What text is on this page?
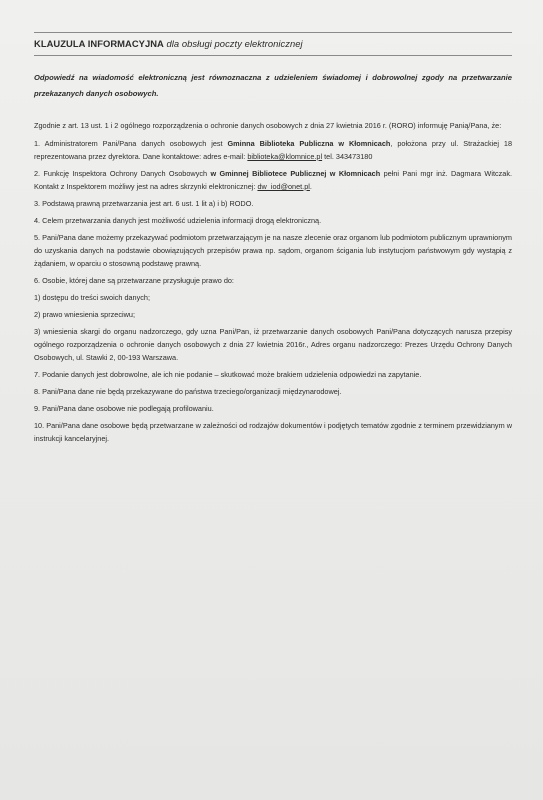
KLAUZULA INFORMACYJNA dla obsługi poczty elektronicznej

Odpowiedź na wiadomość elektroniczną jest równoznaczna z udzieleniem świadomej i dobrowolnej zgody na przetwarzanie przekazanych danych osobowych.

Zgodnie z art. 13 ust. 1 i 2 ogólnego rozporządzenia o ochronie danych osobowych z dnia 27 kwietnia 2016 r. (RORO) informuję Panią/Pana, że:

1. Administratorem Pani/Pana danych osobowych jest Gminna Biblioteka Publiczna w Kłomnicach, położona przy ul. Strażackiej 18 reprezentowana przez dyrektora. Dane kontaktowe: adres e-mail: biblioteka@klomnice.pl tel. 343473180

2. Funkcję Inspektora Ochrony Danych Osobowych w Gminnej Bibliotece Publicznej w Kłomnicach pełni Pani mgr inż. Dagmara Witczak. Kontakt z Inspektorem możliwy jest na adres skrzynki elektronicznej: dw_iod@onet.pl.

3. Podstawą prawną przetwarzania jest art. 6 ust. 1 lit a) i b) RODO.

4. Celem przetwarzania danych jest możliwość udzielenia informacji drogą elektroniczną.

5. Pani/Pana dane możemy przekazywać podmiotom przetwarzającym je na nasze zlecenie oraz organom lub podmiotom publicznym uprawnionym do uzyskania danych na podstawie obowiązujących przepisów prawa np. sądom, organom ścigania lub instytucjom państwowym gdy wystąpią z żądaniem, w oparciu o stosowną podstawę prawną.

6. Osobie, której dane są przetwarzane przysługuje prawo do:

1) dostępu do treści swoich danych;

2) prawo wniesienia sprzeciwu;

3) wniesienia skargi do organu nadzorczego, gdy uzna Pani/Pan, iż przetwarzanie danych osobowych Pani/Pana dotyczących narusza przepisy ogólnego rozporządzenia o ochronie danych osobowych z dnia 27 kwietnia 2016r., Adres organu nadzorczego: Prezes Urzędu Ochrony Danych Osobowych, ul. Stawki 2, 00-193 Warszawa.

7. Podanie danych jest dobrowolne, ale ich nie podanie – skutkować może brakiem udzielenia odpowiedzi na zapytanie.

8. Pani/Pana dane nie będą przekazywane do państwa trzeciego/organizacji międzynarodowej.

9. Pani/Pana dane osobowe nie podlegają profilowaniu.

10. Pani/Pana dane osobowe będą przetwarzane w zależności od rodzajów dokumentów i podjętych tematów zgodnie z terminem przewidzianym w instrukcji kancelaryjnej.
